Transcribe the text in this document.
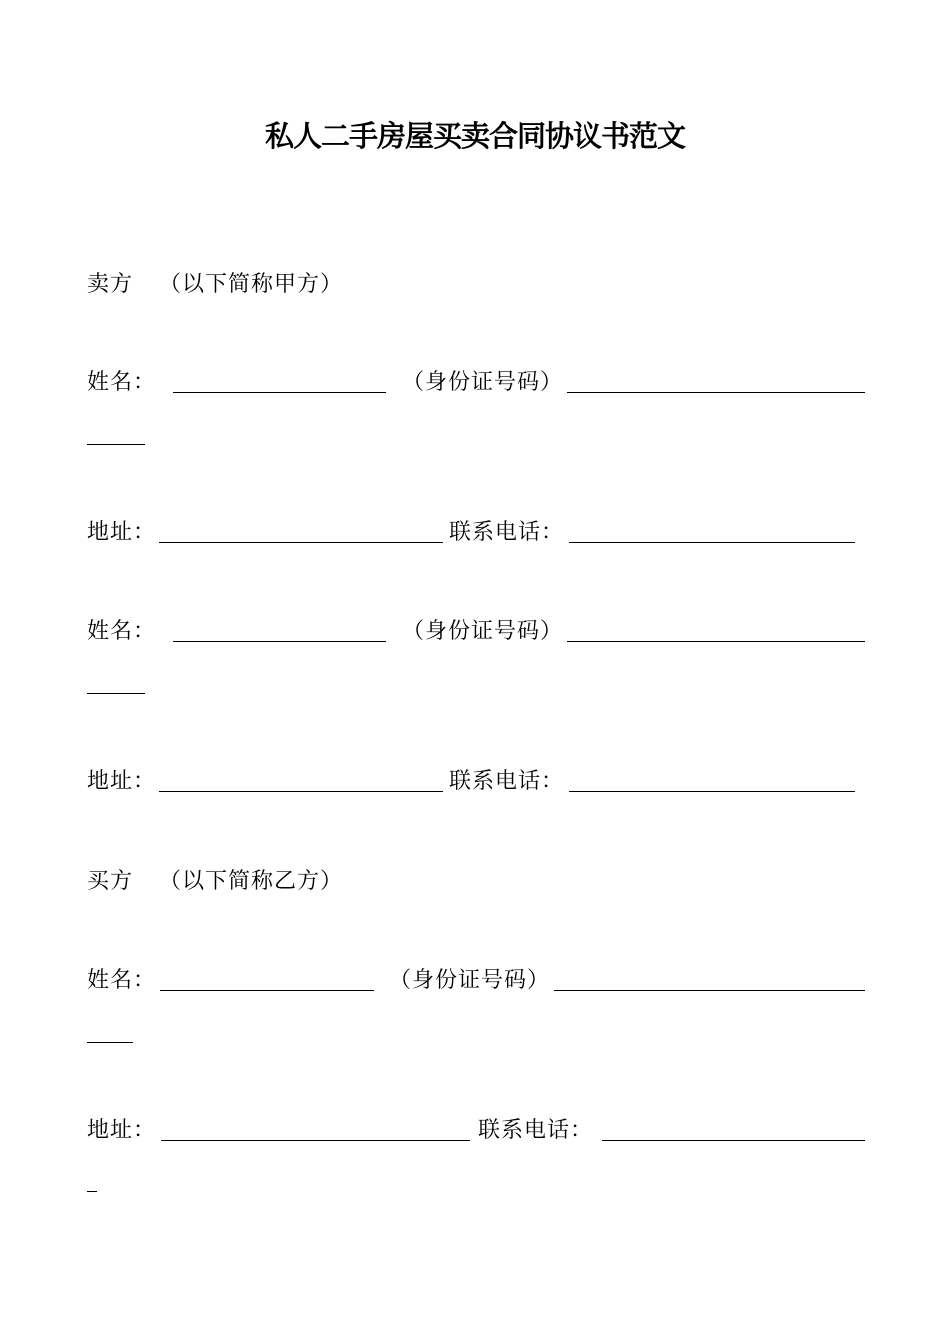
私人二手房屋买卖合同协议书范文
卖方 （以下简称甲方）
姓名：	（身份证号码）
地址：	联系电话：
姓名：	（身份证号码）
地址：	联系电话：
买方 （以下简称乙方）
姓名：	（身份证号码）
地址：	联系电话：
